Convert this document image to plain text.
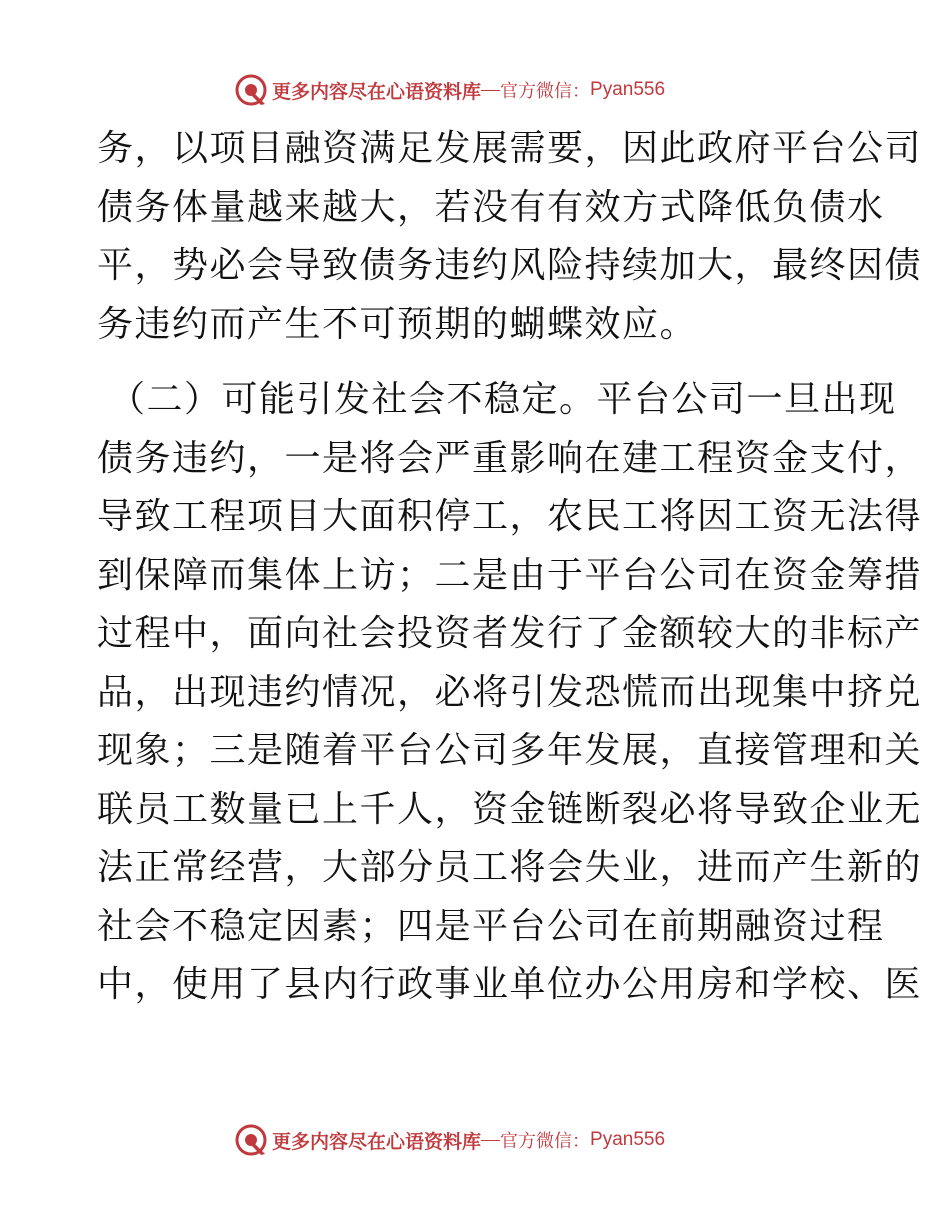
更多内容尽在心语资料库 — 官方微信： Pyan556
务，以项目融资满足发展需要，因此政府平台公司
债务体量越来越大，若没有有效方式降低负债水
平，势必会导致债务违约风险持续加大，最终因债
务违约而产生不可预期的蝴蝶效应。
（二）可能引发社会不稳定。平台公司一旦出现
债务违约，一是将会严重影响在建工程资金支付，
导致工程项目大面积停工，农民工将因工资无法得
到保障而集体上访；二是由于平台公司在资金筹措
过程中，面向社会投资者发行了金额较大的非标产
品，出现违约情况，必将引发恐慌而出现集中挤兑
现象；三是随着平台公司多年发展，直接管理和关
联员工数量已上千人，资金链断裂必将导致企业无
法正常经营，大部分员工将会失业，进而产生新的
社会不稳定因素；四是平台公司在前期融资过程
中，使用了县内行政事业单位办公用房和学校、医
更多内容尽在心语资料库 — 官方微信： Pyan556
